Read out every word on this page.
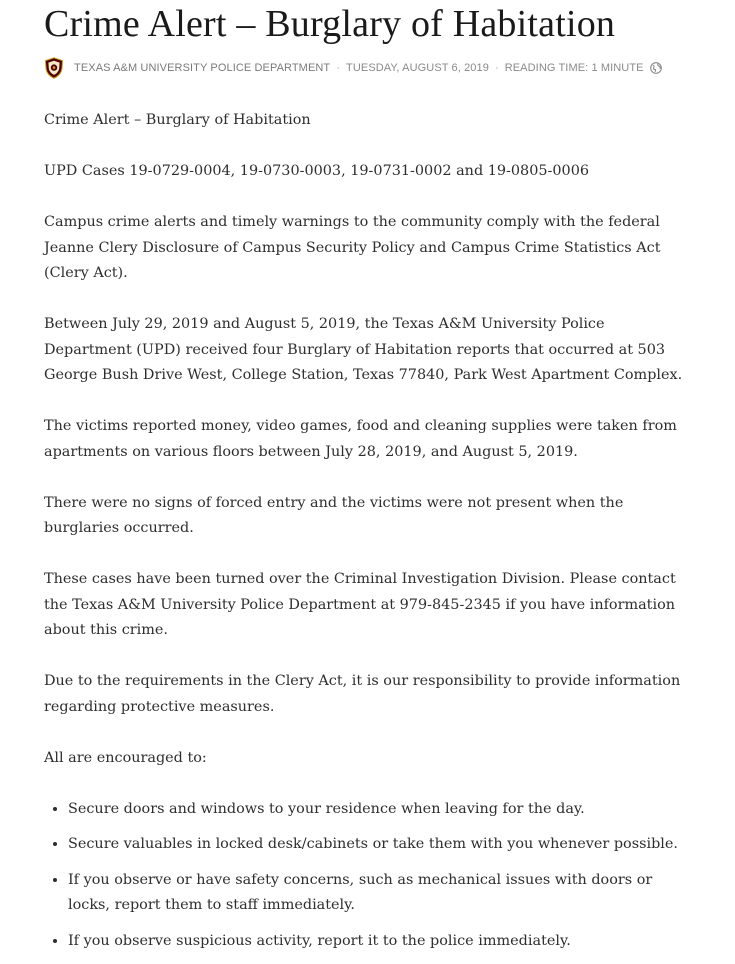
Crime Alert – Burglary of Habitation
TEXAS A&M UNIVERSITY POLICE DEPARTMENT · TUESDAY, AUGUST 6, 2019 · READING TIME: 1 MINUTE

Crime Alert – Burglary of Habitation

UPD Cases 19-0729-0004, 19-0730-0003, 19-0731-0002 and 19-0805-0006

Campus crime alerts and timely warnings to the community comply with the federal Jeanne Clery Disclosure of Campus Security Policy and Campus Crime Statistics Act (Clery Act).

Between July 29, 2019 and August 5, 2019, the Texas A&M University Police Department (UPD) received four Burglary of Habitation reports that occurred at 503 George Bush Drive West, College Station, Texas 77840, Park West Apartment Complex.

The victims reported money, video games, food and cleaning supplies were taken from apartments on various floors between July 28, 2019, and August 5, 2019.

There were no signs of forced entry and the victims were not present when the burglaries occurred.

These cases have been turned over the Criminal Investigation Division. Please contact the Texas A&M University Police Department at 979-845-2345 if you have information about this crime.

Due to the requirements in the Clery Act, it is our responsibility to provide information regarding protective measures.

All are encouraged to:

• Secure doors and windows to your residence when leaving for the day.
• Secure valuables in locked desk/cabinets or take them with you whenever possible.
• If you observe or have safety concerns, such as mechanical issues with doors or locks, report them to staff immediately.
• If you observe suspicious activity, report it to the police immediately.
